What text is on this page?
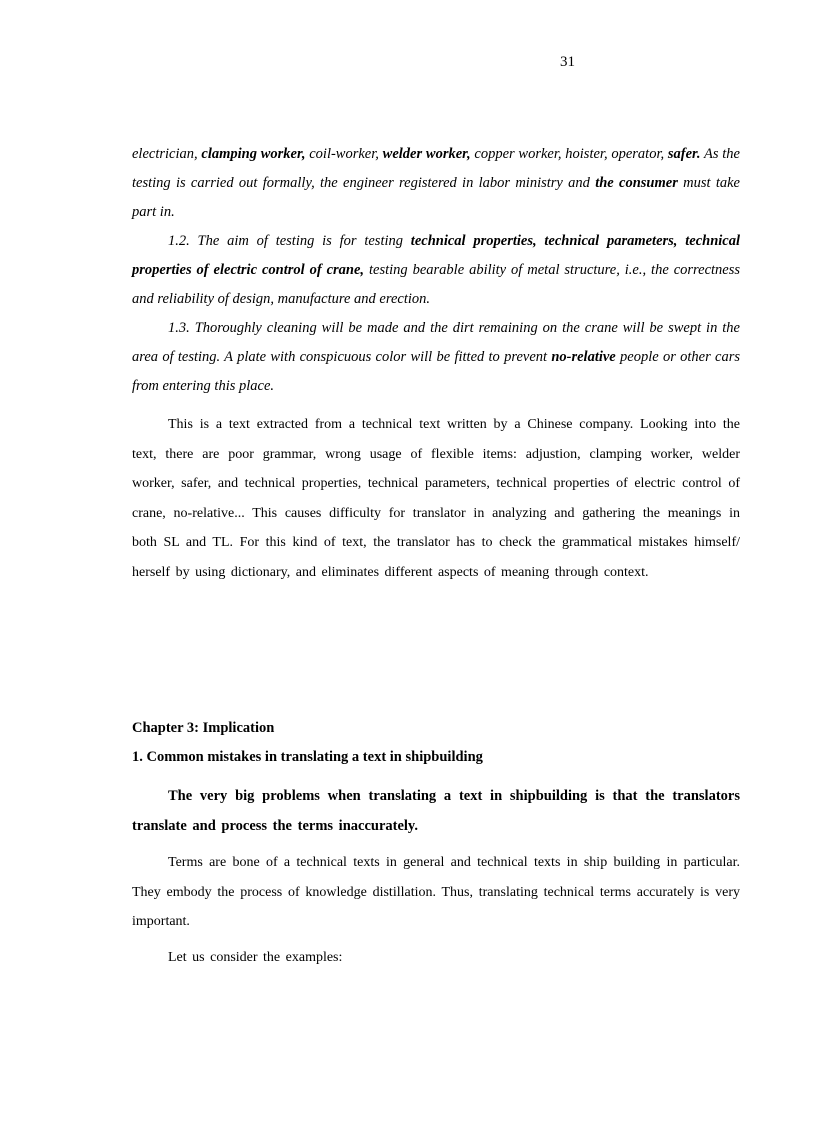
31

electrician, clamping worker, coil-worker, welder worker, copper worker, hoister, operator, safer. As the testing is carried out formally, the engineer registered in labor ministry and the consumer must take part in.

1.2. The aim of testing is for testing technical properties, technical parameters, technical properties of electric control of crane, testing bearable ability of metal structure, i.e., the correctness and reliability of design, manufacture and erection.

1.3. Thoroughly cleaning will be made and the dirt remaining on the crane will be swept in the area of testing. A plate with conspicuous color will be fitted to prevent no-relative people or other cars from entering this place.

This is a text extracted from a technical text written by a Chinese company. Looking into the text, there are poor grammar, wrong usage of flexible items: adjustion, clamping worker, welder worker, safer, and technical properties, technical parameters, technical properties of electric control of crane, no-relative... This causes difficulty for translator in analyzing and gathering the meanings in both SL and TL. For this kind of text, the translator has to check the grammatical mistakes himself/ herself by using dictionary, and eliminates different aspects of meaning through context.

Chapter 3: Implication
1. Common mistakes in translating a text in shipbuilding

The very big problems when translating a text in shipbuilding is that the translators translate and process the terms inaccurately.

Terms are bone of a technical texts in general and technical texts in ship building in particular. They embody the process of knowledge distillation. Thus, translating technical terms accurately is very important.

Let us consider the examples:
